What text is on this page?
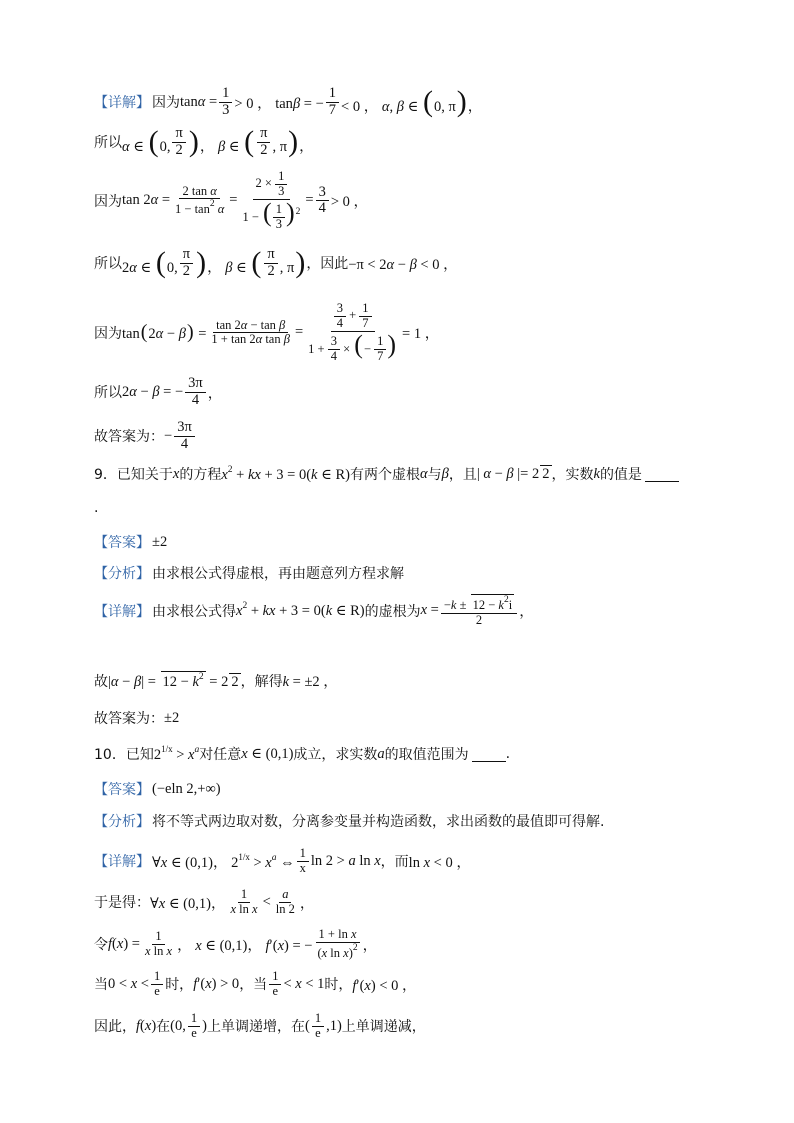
【详解】 因为 $\tan\alpha = \frac{1}{3} > 0$ ， tanβ = − $\frac{1}{7} < 0$ ， α, β ∈ (0, π)，
所以 α ∈ (0, $\frac{\pi}{2}$ )， β ∈ ( $\frac{\pi}{2}$ , π)，
因为 $\tan 2\alpha = \frac{\text{2 tan α}}{1 - \tan^2 \alpha} = \frac{2 \times \frac{1}{3}}{1 - ( \frac{1}{3} )^2} = \frac{3}{4} > 0$ ，
所以 2α ∈ (0, $\frac{\pi}{2}$ )， β ∈ ( $\frac{\pi}{2}$ , π) ，因此 −π < 2α − β < 0 ，
因为 $\tan(2\alpha - \beta) = \frac{\text{tan 2α − tan β}}{\text{1 + tan 2α tan β}} = \frac{\frac{3}{4} + \frac{1}{7}}{1 + \frac{3}{4} \times (- \frac{1}{7} )} = 1$ ，
所以 2α − β = − $\frac{3\pi}{4}$ ，
故答案为： − $\frac{3\pi}{4}$
9．已知关于 x 的方程 $x^2$ + kx + 3 = 0(k ∈ R) 有两个虚根 α 与 β ，且 | α − β |= 2 2 ，实数 k 的值是
.
【答案】 ±2
【分析】 由求根公式得虚根，再由题意列方程求解
【详解】 由求根公式得 $x^2$ + kx + 3 = 0(k ∈ R) 的虚根为 $x = \frac{-k \pm 12 - k^2i}{2}$ ，
故 $|\alpha - \beta| = 12 - k^2 = 2$ 2 ，解得 k = ±2 ，
故答案为： ±2
10．已知 $2^{1/x} > x^a$ 对任意 x ∈ (0,1) 成立，求实数 a 的取值范围为	.
【答案】 (−eln 2,+∞)
【分析】 将不等式两边取对数，分离参变量并构造函数，求出函数的最值即可得解.
【详解】 ∀x ∈ (0,1)， $2^{1/x} > x^a$ ⇔ $\frac{1}{x}$ ln 2 > a ln x ，而 ln x < 0 ，
于是得： ∀x ∈ (0,1)， $\frac{1}{\text{x ln x}} < \frac{a}{\ln 2}$ ，
令 $f(x) = \frac{1}{\text{x ln x}}$ ， x ∈ (0,1)， f′(x) = − $\frac{\text{1 + ln x}}{(x \ln x)^2}$ ，
当 $0 < x < \frac{1}{e}$ 时， f′(x) > 0 ，当 $\frac{1}{e} < x < 1$ 时， f′(x) < 0 ，
因此， f(x) 在 (0, $\frac{1}{e}$ ) 上单调递增，在 ( $\frac{1}{e} ,1$) 上单调递减，
